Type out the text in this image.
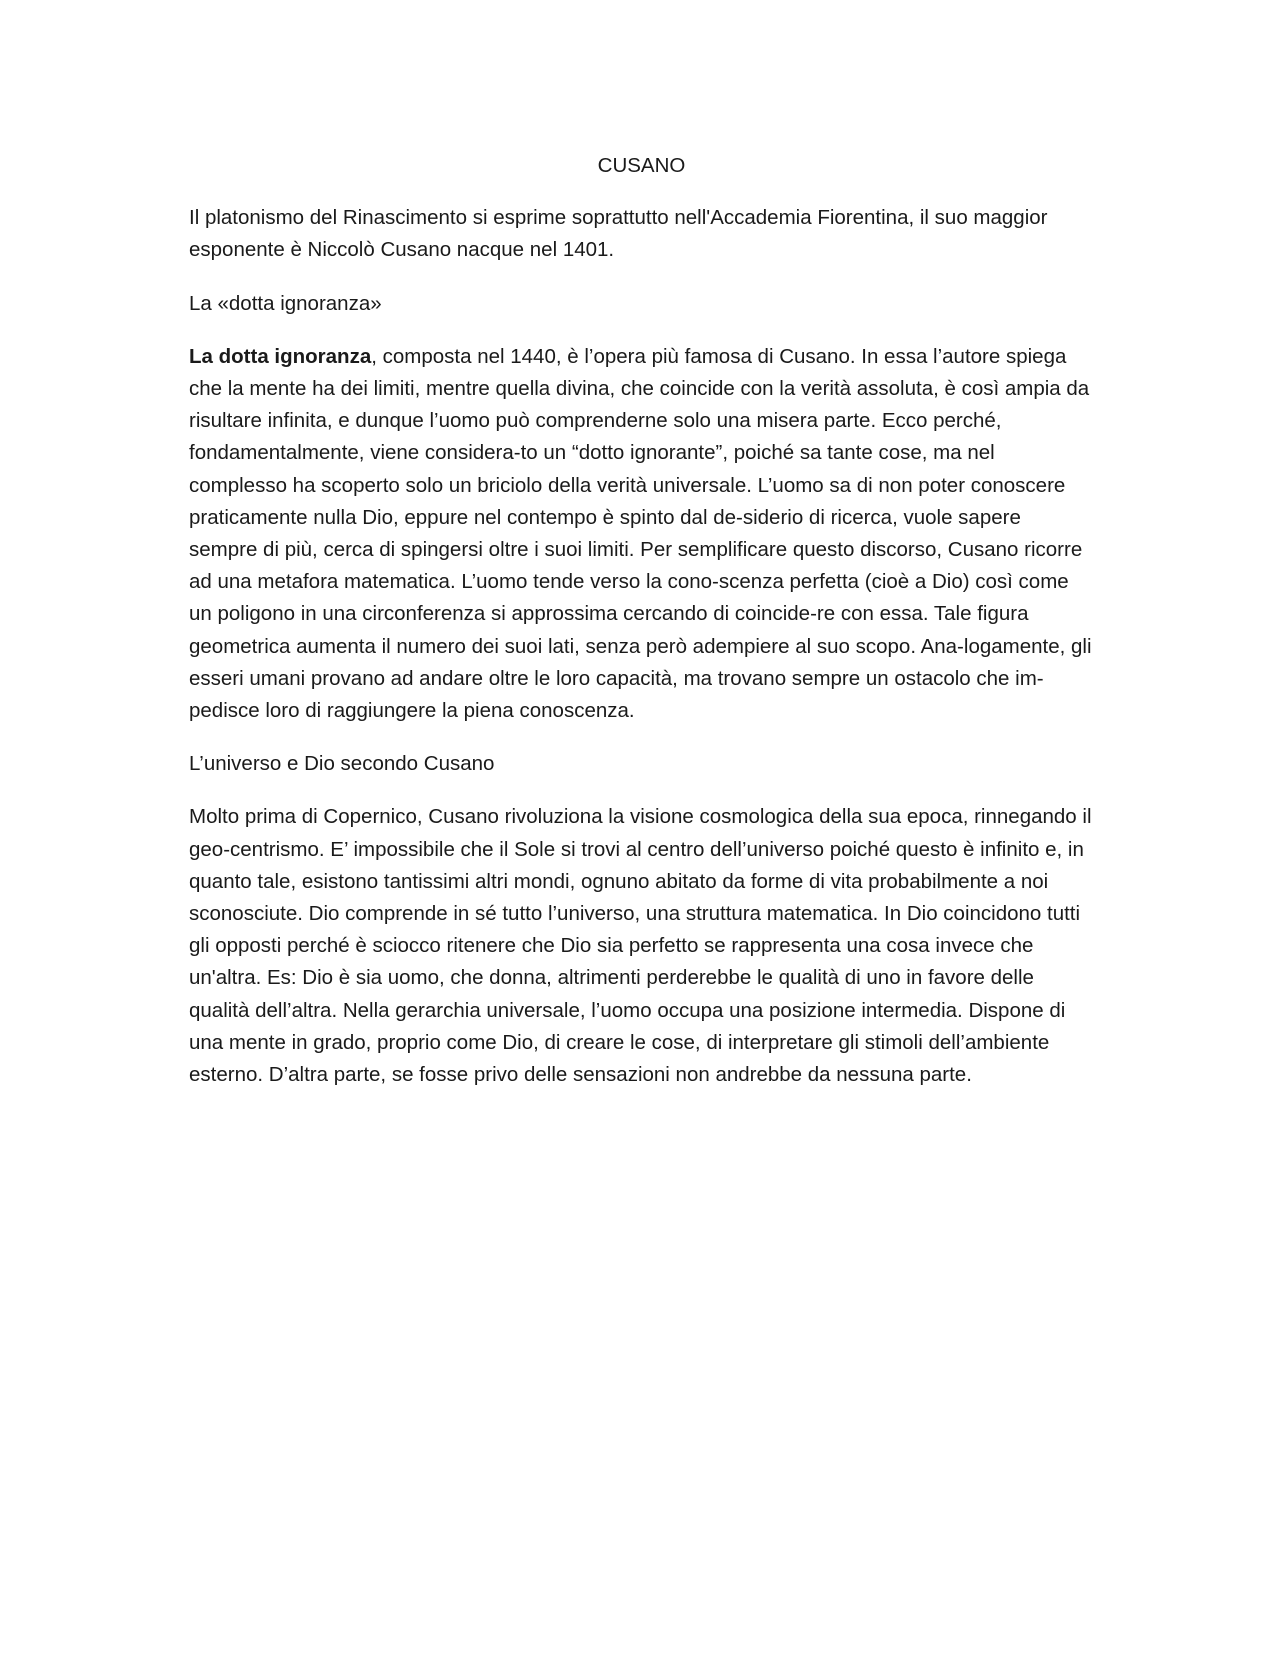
CUSANO

Il platonismo del Rinascimento si esprime soprattutto nell'Accademia Fiorentina, il suo maggior esponente è Niccolò Cusano nacque nel 1401.

La «dotta ignoranza»

La dotta ignoranza, composta nel 1440, è l’opera più famosa di Cusano. In essa l’autore spiega che la mente ha dei limiti, mentre quella divina, che coincide con la verità assoluta, è così ampia da risultare infinita, e dunque l’uomo può comprenderne solo una misera parte. Ecco perché, fondamentalmente, viene considera-to un “dotto ignorante”, poiché sa tante cose, ma nel complesso ha scoperto solo un briciolo della verità universale. L’uomo sa di non poter conoscere praticamente nulla Dio, eppure nel contempo è spinto dal de-siderio di ricerca, vuole sapere sempre di più, cerca di spingersi oltre i suoi limiti. Per semplificare questo discorso, Cusano ricorre ad una metafora matematica. L’uomo tende verso la cono-scenza perfetta (cioè a Dio) così come un poligono in una circonferenza si approssima cercando di coincide-re con essa. Tale figura geometrica aumenta il numero dei suoi lati, senza però adempiere al suo scopo. Ana-logamente, gli esseri umani provano ad andare oltre le loro capacità, ma trovano sempre un ostacolo che im-pedisce loro di raggiungere la piena conoscenza.

L’universo e Dio secondo Cusano

Molto prima di Copernico, Cusano rivoluziona la visione cosmologica della sua epoca, rinnegando il geo-centrismo. E’ impossibile che il Sole si trovi al centro dell’universo poiché questo è infinito e, in quanto tale, esistono tantissimi altri mondi, ognuno abitato da forme di vita probabilmente a noi sconosciute. Dio comprende in sé tutto l’universo, una struttura matematica. In Dio coincidono tutti gli opposti perché è sciocco ritenere che Dio sia perfetto se rappresenta una cosa invece che un'altra. Es: Dio è sia uomo, che donna, altrimenti perderebbe le qualità di uno in favore delle qualità dell’altra. Nella gerarchia universale, l’uomo occupa una posizione intermedia. Dispone di una mente in grado, proprio come Dio, di creare le cose, di interpretare gli stimoli dell’ambiente esterno. D’altra parte, se fosse privo delle sensazioni non andrebbe da nessuna parte.
